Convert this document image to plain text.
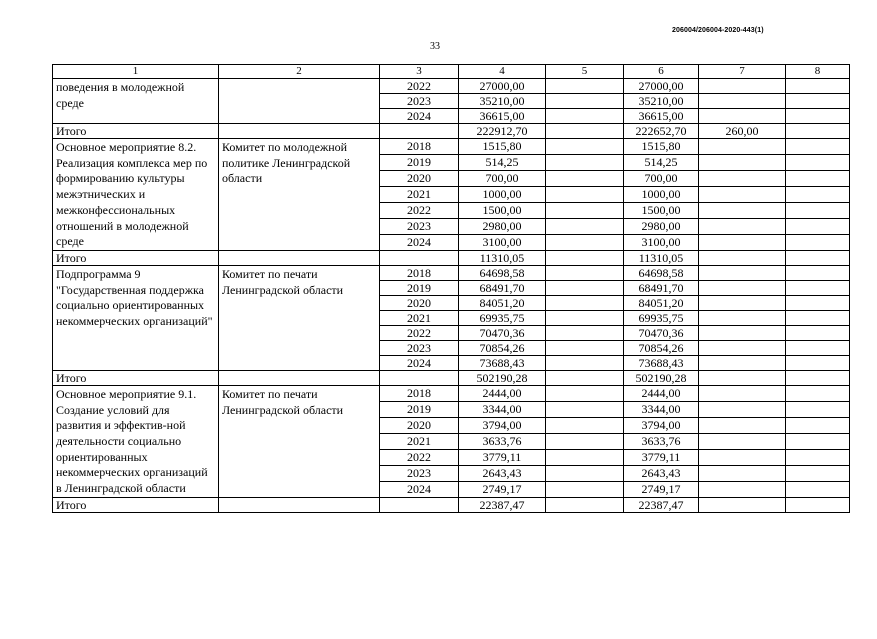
206004/206004-2020-443(1)
33
1	2	3	4	5	6	7	8
поведения в молодежной среде		2022	27000,00		27000,00		
		2023	35210,00		35210,00		
		2024	36615,00		36615,00		
Итого			222912,70		222652,70	260,00	
Основное мероприятие 8.2. Реализация комплекса мер по формированию культуры межэтнических и межконфессиональных отношений в молодежной среде	Комитет по молодежной политике Ленинградской области	2018	1515,80		1515,80		
		2019	514,25		514,25		
		2020	700,00		700,00		
		2021	1000,00		1000,00		
		2022	1500,00		1500,00		
		2023	2980,00		2980,00		
		2024	3100,00		3100,00		
Итого			11310,05		11310,05		
Подпрограмма 9 "Государственная поддержка социально ориентированных некоммерческих организаций"	Комитет по печати Ленинградской области	2018	64698,58		64698,58		
		2019	68491,70		68491,70		
		2020	84051,20		84051,20		
		2021	69935,75		69935,75		
		2022	70470,36		70470,36		
		2023	70854,26		70854,26		
		2024	73688,43		73688,43		
Итого			502190,28		502190,28		
Основное мероприятие 9.1. Создание условий для развития и эффектив-ной деятельности социально ориентированных некоммерческих организаций в Ленинградской области	Комитет по печати Ленинградской области	2018	2444,00		2444,00		
		2019	3344,00		3344,00		
		2020	3794,00		3794,00		
		2021	3633,76		3633,76		
		2022	3779,11		3779,11		
		2023	2643,43		2643,43		
		2024	2749,17		2749,17		
Итого			22387,47		22387,47		
